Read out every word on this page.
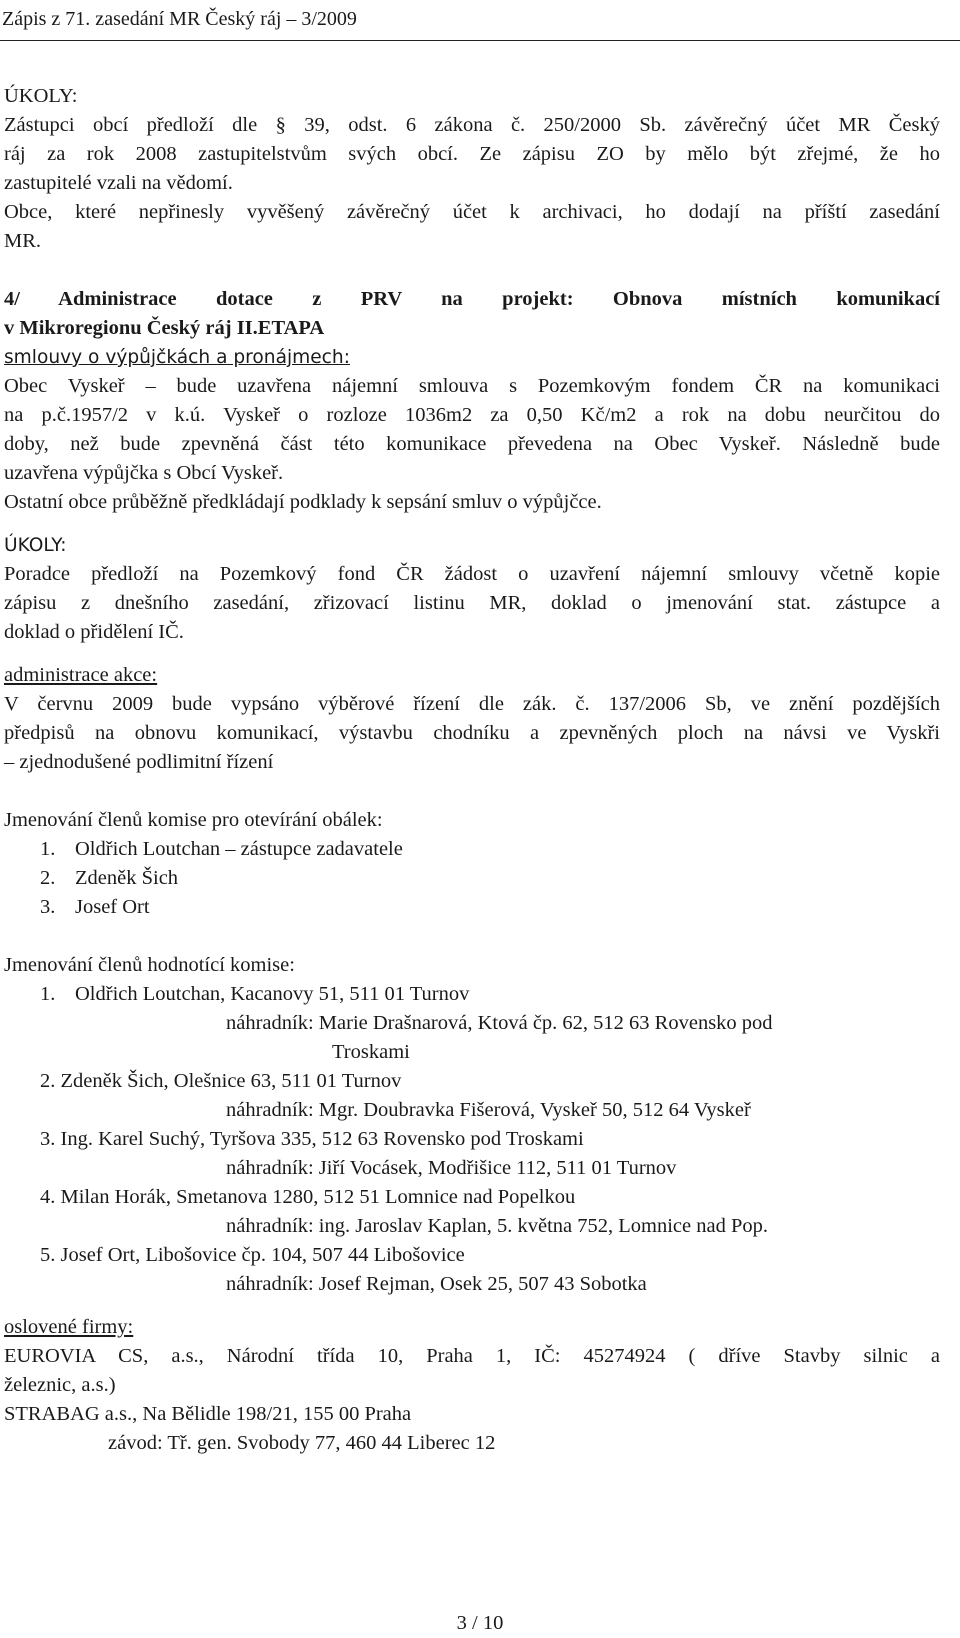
Zápis z 71. zasedání MR Český ráj – 3/2009
ÚKOLY:
Zástupci obcí předloží dle § 39, odst. 6 zákona č. 250/2000 Sb. závěrečný účet MR Český
ráj za rok 2008 zastupitelstvům svých obcí. Ze zápisu ZO by mělo být zřejmé, že ho
zastupitelé vzali na vědomí.
Obce, které nepřinesly vyvěšený závěrečný účet k archivaci, ho dodají na příští zasedání
MR.
4/ Administrace dotace z PRV na projekt: Obnova místních komunikací
v Mikroregionu Český ráj II.ETAPA
smlouvy o výpůjčkách a pronájmech:
Obec Vyskeř – bude uzavřena nájemní smlouva s Pozemkovým fondem ČR na komunikaci
na p.č.1957/2 v k.ú. Vyskeř o rozloze 1036m2 za 0,50 Kč/m2 a rok na dobu neurčitou do
doby, než bude zpevněná část této komunikace převedena na Obec Vyskeř. Následně bude
uzavřena výpůjčka s Obcí Vyskeř.
Ostatní obce průběžně předkládají podklady k sepsání smluv o výpůjčce.
ÚKOLY:
Poradce předloží na Pozemkový fond ČR žádost o uzavření nájemní smlouvy včetně kopie
zápisu z dnešního zasedání, zřizovací listinu MR, doklad o jmenování stat. zástupce a
doklad o přidělení IČ.
administrace akce:
V červnu 2009 bude vypsáno výběrové řízení dle zák. č. 137/2006 Sb, ve znění pozdějších
předpisů na obnovu komunikací, výstavbu chodníku a zpevněných ploch na návsi ve Vyskři
– zjednodušené podlimitní řízení
Jmenování členů komise pro otevírání obálek:
1. Oldřich Loutchan – zástupce zadavatele
2. Zdeněk Šich
3. Josef Ort
Jmenování členů hodnotící komise:
1. Oldřich Loutchan, Kacanovy 51, 511 01 Turnov
náhradník: Marie Drašnarová, Ktová čp. 62, 512 63 Rovensko pod
Troskami
2. Zdeněk Šich, Olešnice 63, 511 01 Turnov
náhradník: Mgr. Doubravka Fišerová, Vyskeř 50, 512 64 Vyskeř
3. Ing. Karel Suchý, Tyršova 335, 512 63 Rovensko pod Troskami
náhradník: Jiří Vocásek, Modřišice 112, 511 01 Turnov
4. Milan Horák, Smetanova 1280, 512 51 Lomnice nad Popelkou
náhradník: ing. Jaroslav Kaplan, 5. května 752, Lomnice nad Pop.
5. Josef Ort, Libošovice čp. 104, 507 44 Libošovice
náhradník: Josef Rejman, Osek 25, 507 43 Sobotka
oslovené firmy:
EUROVIA CS, a.s., Národní třída 10, Praha 1, IČ: 45274924 ( dříve Stavby silnic a
železnic, a.s.)
STRABAG a.s., Na Bělidle 198/21, 155 00 Praha
závod: Tř. gen. Svobody 77, 460 44 Liberec 12
3 / 10
